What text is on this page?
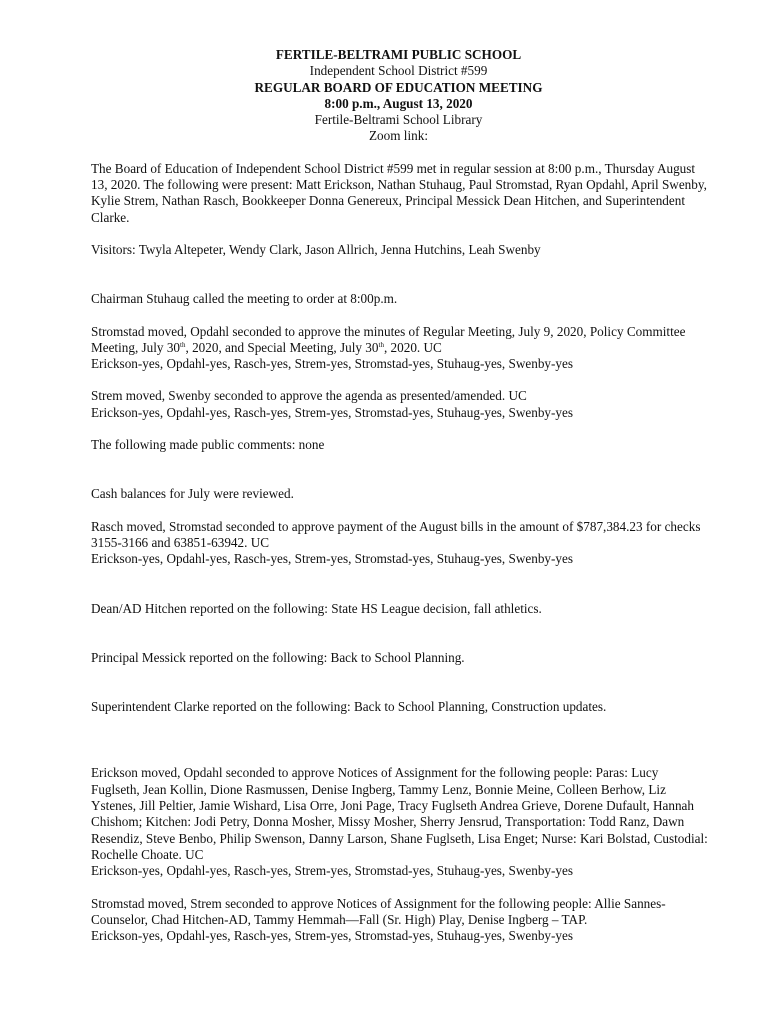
FERTILE-BELTRAMI PUBLIC SCHOOL
Independent School District #599
REGULAR BOARD OF EDUCATION MEETING
8:00 p.m., August 13, 2020
Fertile-Beltrami School Library
Zoom link:

The Board of Education of Independent School District #599 met in regular session at 8:00 p.m., Thursday August 13, 2020. The following were present: Matt Erickson, Nathan Stuhaug, Paul Stromstad, Ryan Opdahl, April Swenby, Kylie Strem, Nathan Rasch, Bookkeeper Donna Genereux, Principal Messick Dean Hitchen, and Superintendent Clarke.

Visitors: Twyla Altepeter, Wendy Clark, Jason Allrich, Jenna Hutchins, Leah Swenby

Chairman Stuhaug called the meeting to order at 8:00p.m.

Stromstad moved, Opdahl seconded to approve the minutes of Regular Meeting, July 9, 2020, Policy Committee Meeting, July 30th, 2020, and Special Meeting, July 30th, 2020. UC

Erickson-yes, Opdahl-yes, Rasch-yes, Strem-yes, Stromstad-yes, Stuhaug-yes, Swenby-yes

Strem moved, Swenby seconded to approve the agenda as presented/amended. UC

Erickson-yes, Opdahl-yes, Rasch-yes, Strem-yes, Stromstad-yes, Stuhaug-yes, Swenby-yes

The following made public comments: none

Cash balances for July were reviewed.

Rasch moved, Stromstad seconded to approve payment of the August bills in the amount of $787,384.23 for checks 3155-3166 and 63851-63942. UC

Erickson-yes, Opdahl-yes, Rasch-yes, Strem-yes, Stromstad-yes, Stuhaug-yes, Swenby-yes

Dean/AD Hitchen reported on the following: State HS League decision, fall athletics.

Principal Messick reported on the following: Back to School Planning.

Superintendent Clarke reported on the following: Back to School Planning, Construction updates.

Erickson moved, Opdahl seconded to approve Notices of Assignment for the following people: Paras: Lucy Fuglseth, Jean Kollin, Dione Rasmussen, Denise Ingberg, Tammy Lenz, Bonnie Meine, Colleen Berhow, Liz Ystenes, Jill Peltier, Jamie Wishard, Lisa Orre, Joni Page, Tracy Fuglseth Andrea Grieve, Dorene Dufault, Hannah Chishom; Kitchen: Jodi Petry, Donna Mosher, Missy Mosher, Sherry Jensrud, Transportation: Todd Ranz, Dawn Resendiz, Steve Benbo, Philip Swenson, Danny Larson, Shane Fuglseth, Lisa Enget; Nurse: Kari Bolstad, Custodial: Rochelle Choate. UC

Erickson-yes, Opdahl-yes, Rasch-yes, Strem-yes, Stromstad-yes, Stuhaug-yes, Swenby-yes

Stromstad moved, Strem seconded to approve Notices of Assignment for the following people: Allie Sannes-Counselor, Chad Hitchen-AD, Tammy Hemmah—Fall (Sr. High) Play, Denise Ingberg – TAP.

Erickson-yes, Opdahl-yes, Rasch-yes, Strem-yes, Stromstad-yes, Stuhaug-yes, Swenby-yes
